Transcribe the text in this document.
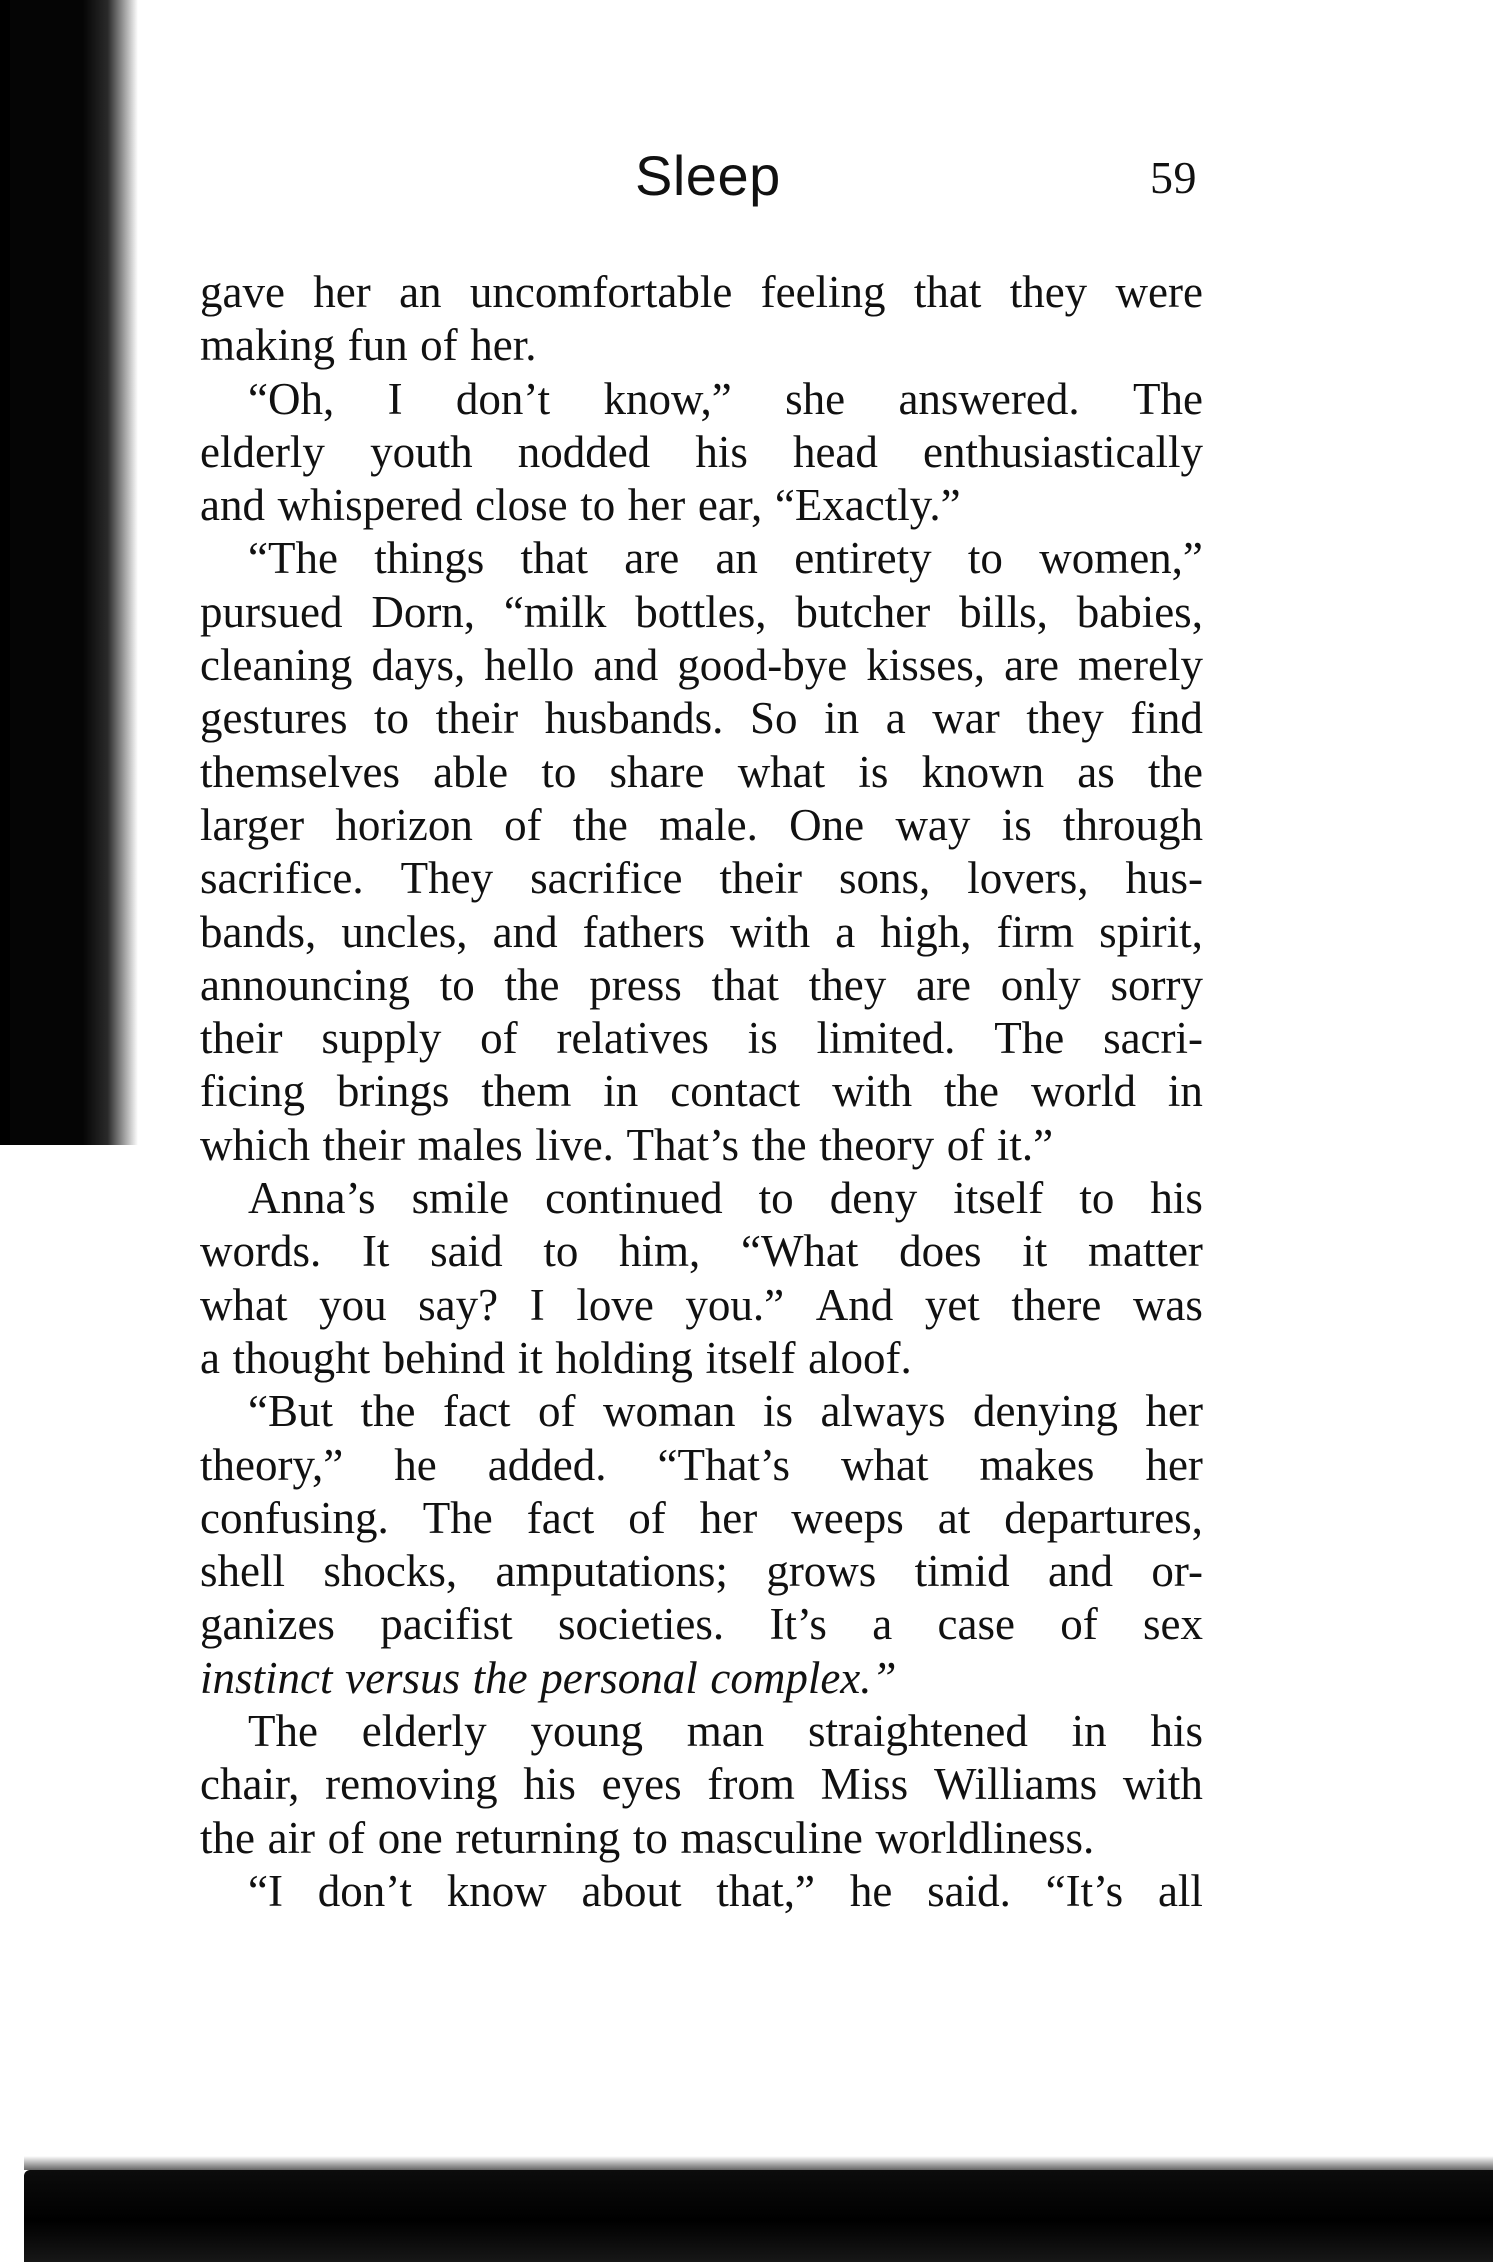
Sleep	59
gave her an uncomfortable feeling that they were
making fun of her.
“Oh, I don’t know,” she answered. The
elderly youth nodded his head enthusiastically
and whispered close to her ear, “Exactly.”
“The things that are an entirety to women,”
pursued Dorn, “milk bottles, butcher bills, babies,
cleaning days, hello and good-bye kisses, are merely
gestures to their husbands. So in a war they find
themselves able to share what is known as the
larger horizon of the male. One way is through
sacrifice. They sacrifice their sons, lovers, hus-
bands, uncles, and fathers with a high, firm spirit,
announcing to the press that they are only sorry
their supply of relatives is limited. The sacri-
ficing brings them in contact with the world in
which their males live. That’s the theory of it.”
Anna’s smile continued to deny itself to his
words. It said to him, “What does it matter
what you say? I love you.” And yet there was
a thought behind it holding itself aloof.
“But the fact of woman is always denying her
theory,” he added. “That’s what makes her
confusing. The fact of her weeps at departures,
shell shocks, amputations; grows timid and or-
ganizes pacifist societies. It’s a case of sex
instinct versus the personal complex.”
The elderly young man straightened in his
chair, removing his eyes from Miss Williams with
the air of one returning to masculine worldliness.
“I don’t know about that,” he said. “It’s all
